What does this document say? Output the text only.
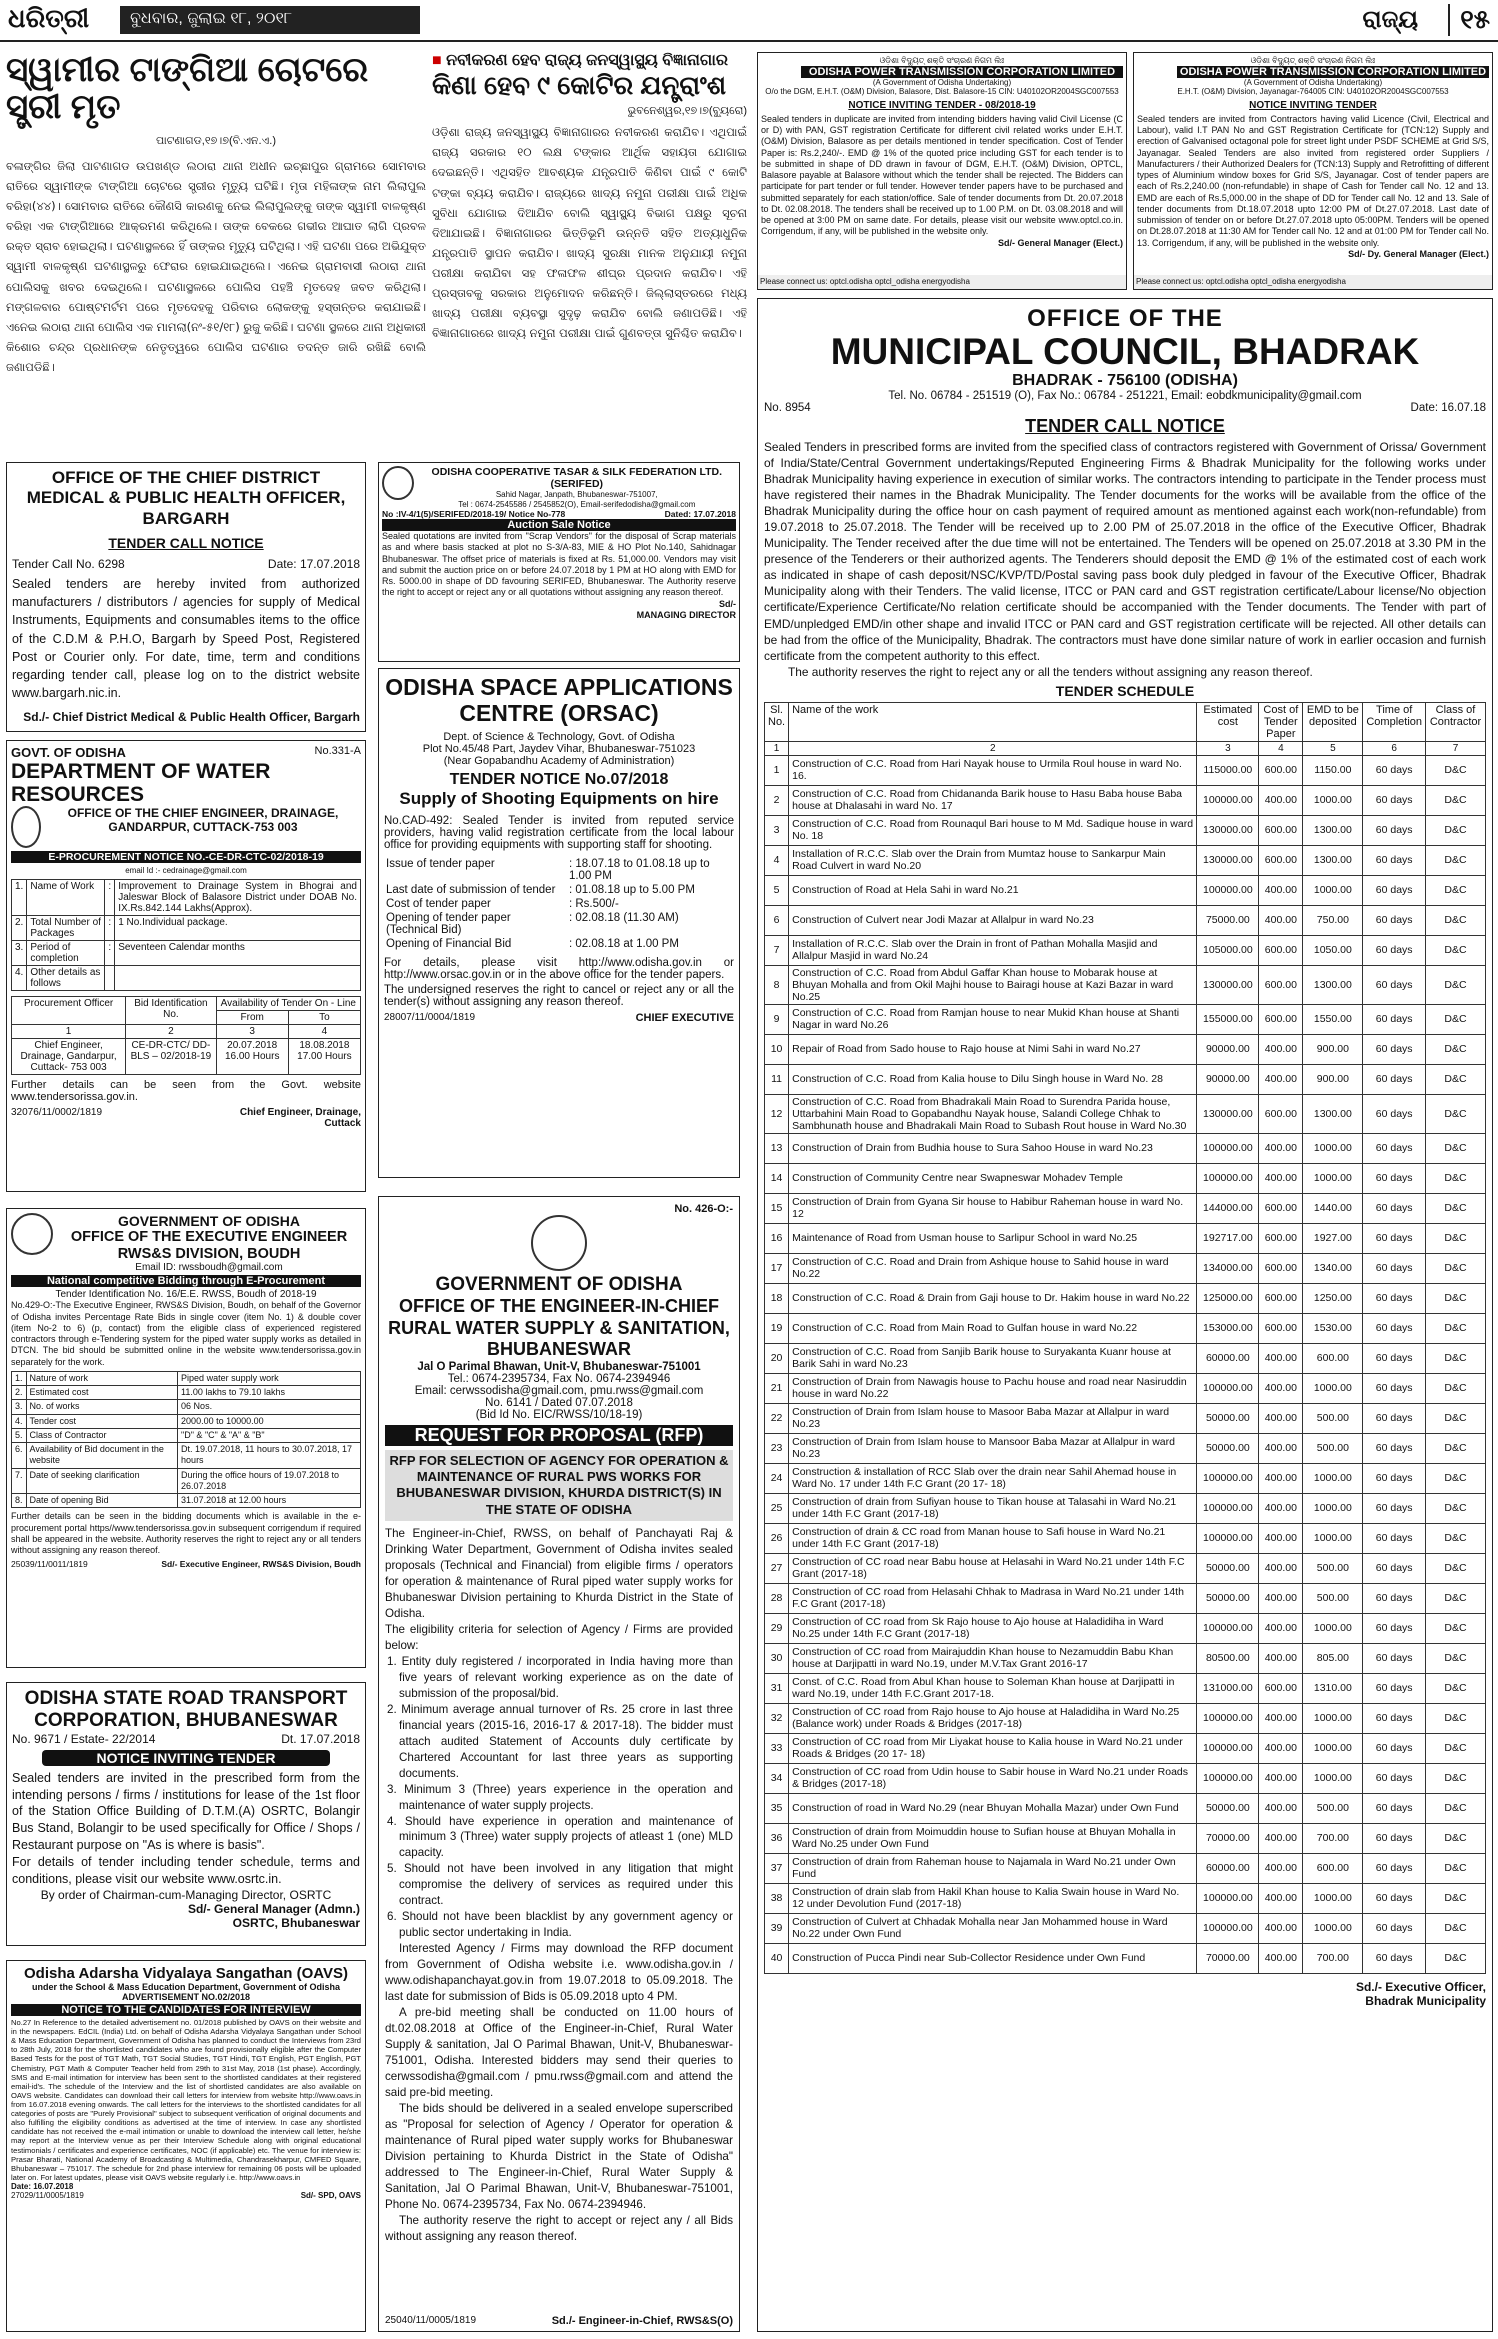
ଧରିତ୍ରୀ	ବୁଧବାର, ଜୁଲାଇ ୧୮, ୨୦୧୮	ରାଜ୍ୟ	୧୫
ସ୍ୱାମୀର ଟାଙ୍ଗିଆ ଚୋଟରେ ସ୍ତ୍ରୀ ମୃତ
ପାଟଣାଗଡ,୧୭।୭(ବି.ଏନ.ଏ.)
ବଳାଙ୍ଗିର ଜିଲା ପାଟଣାଗଡ ଉପଖଣ୍ଡ ଲଠାରା ଥାନା ଅଧୀନ ଇଚ୍ଛାପୁର ଗ୍ରାମରେ ସୋମବାର ରାତିରେ ସ୍ୱାମୀଙ୍କ ଟାଙ୍ଗିଆ ଚୋଟରେ ସ୍ତ୍ରୀର ମୃତ୍ୟୁ ଘଟିଛି। ମୃତା ମହିଳାଙ୍କ ନାମ ଲିଲାପୁଲ ବରିହା(୪୪)। ସୋମବାର ରାତିରେ କୌଣସି କାରଣକୁ ନେଇ ଲିଲାପୁଲଙ୍କୁ ତାଙ୍କ ସ୍ୱାମୀ ବାଳକୃଷ୍ଣ ବରିହା ଏକ ଟାଙ୍ଗିଆରେ ଆକ୍ରମଣ କରିଥିଲେ। ତାଙ୍କ ବେକରେ ଗଭୀର ଆଘାତ ଲାଗି ପ୍ରବଳ ରକ୍ତ ସ୍ରାବ ହୋଇଥିଲା। ଘଟଣାସ୍ଥଳରେ ହିଁ ତାଙ୍କର ମୃତ୍ୟୁ ଘଟିଥିଲା। ଏହି ଘଟଣା ପରେ ଅଭିଯୁକ୍ତ ସ୍ୱାମୀ ବାଳକୃଷ୍ଣ ଘଟଣାସ୍ଥଳରୁ ଫେରାର ହୋଇଯାଇଥିଲେ। ଏନେଇ ଗ୍ରାମବାସୀ ଲଠାରା ଥାନା ପୋଲିସକୁ ଖବର ଦେଇଥିଲେ। ଘଟଣାସ୍ଥଳରେ ପୋଲିସ ପହଞ୍ଚି ମୃତଦେହ ଜବତ କରିଥିଲା। ମଙ୍ଗଳବାର ପୋଷ୍ଟମର୍ଟମ ପରେ ମୃତଦେହକୁ ପରିବାର ଲୋକଙ୍କୁ ହସ୍ତାନ୍ତର କରାଯାଇଛି। ଏନେଇ ଲଠାରା ଥାନା ପୋଲିସ ଏକ ମାମଲା(ନଂ-୫୧/୧୮) ରୁଜୁ କରିଛି। ଘଟଣା ସ୍ଥଳରେ ଥାନା ଅଧିକାରୀ କିଶୋର ଚନ୍ଦ୍ର ପ୍ରଧାନଙ୍କ ନେତୃତ୍ୱରେ ପୋଲିସ ଘଟଣାର ତଦନ୍ତ ଜାରି ରଖିଛି ବୋଲି ଜଣାପଡିଛି।
■ ନବୀକରଣ ହେବ ରାଜ୍ୟ ଜନସ୍ୱାସ୍ଥ୍ୟ ବିଜ୍ଞାନାଗାର
କିଣା ହେବ ୯ କୋଟିର ଯନ୍ତ୍ରାଂଶ
ଭୁବନେଶ୍ୱର,୧୭।୭(ବ୍ୟୁରୋ)
ଓଡ଼ିଶା ରାଜ୍ୟ ଜନସ୍ୱାସ୍ଥ୍ୟ ବିଜ୍ଞାନାଗାରର ନବୀକରଣ କରାଯିବ। ଏଥିପାଇଁ ରାଜ୍ୟ ସରକାର ୧୦ ଲକ୍ଷ ଟଙ୍କାର ଆର୍ଥିକ ସହାୟତା ଯୋଗାଇ ଦେଇଛନ୍ତି। ଏଥିସହିତ ଆବଶ୍ୟକ ଯନ୍ତ୍ରପାତି କିଣିବା ପାଇଁ ୯ କୋଟି ଟଙ୍କା ବ୍ୟୟ କରାଯିବ। ରାଜ୍ୟରେ ଖାଦ୍ୟ ନମୁନା ପରୀକ୍ଷା ପାଇଁ ଅଧିକ ସୁବିଧା ଯୋଗାଇ ଦିଆଯିବ ବୋଲି ସ୍ୱାସ୍ଥ୍ୟ ବିଭାଗ ପକ୍ଷରୁ ସୂଚନା ଦିଆଯାଇଛି। ବିଜ୍ଞାନାଗାରର ଭିତ୍ତିଭୂମି ଉନ୍ନତି ସହିତ ଅତ୍ୟାଧୁନିକ ଯନ୍ତ୍ରପାତି ସ୍ଥାପନ କରାଯିବ। ଖାଦ୍ୟ ସୁରକ୍ଷା ମାନକ ଅନୁଯାୟୀ ନମୁନା ପରୀକ୍ଷା କରାଯିବା ସହ ଫଳାଫଳ ଶୀଘ୍ର ପ୍ରଦାନ କରାଯିବ। ଏହି ପ୍ରସ୍ତାବକୁ ସରକାର ଅନୁମୋଦନ କରିଛନ୍ତି। ଜିଲ୍ଲାସ୍ତରରେ ମଧ୍ୟ ଖାଦ୍ୟ ପରୀକ୍ଷା ବ୍ୟବସ୍ଥା ସୁଦୃଢ଼ କରାଯିବ ବୋଲି ଜଣାପଡିଛି। ଏହି ବିଜ୍ଞାନାଗାରରେ ଖାଦ୍ୟ ନମୁନା ପରୀକ୍ଷା ପାଇଁ ଗୁଣବତ୍ତା ସୁନିଶ୍ଚିତ କରାଯିବ।
ଓଡ଼ିଶା ବିଦ୍ୟୁତ୍ ଶକ୍ତି ସଂଚାରଣ ନିଗମ ଲିଃ
ODISHA POWER TRANSMISSION CORPORATION LIMITED
(A Government of Odisha Undertaking)
O/o the DGM, E.H.T. (O&M) Division, Balasore, Dist. Balasore-15 CIN: U40102OR2004SGC007553
NOTICE INVITING TENDER - 08/2018-19
Sealed tenders in duplicate are invited from intending bidders having valid Civil License (C or D) with PAN, GST registration Certificate for different civil related works under E.H.T. (O&M) Division, Balasore as per details mentioned in tender specification. Cost of Tender Paper is: Rs.2,240/-. EMD @ 1% of the quoted price including GST for each tender is to be submitted in shape of DD drawn in favour of DGM, E.H.T. (O&M) Division, OPTCL, Balasore payable at Balasore without which the tender shall be rejected. The Bidders can participate for part tender or full tender. However tender papers have to be purchased and submitted separately for each station/office. Sale of tender documents from Dt. 20.07.2018 to Dt. 02.08.2018. The tenders shall be received up to 1.00 P.M. on Dt. 03.08.2018 and will be opened at 3:00 PM on same date. For details, please visit our website www.optcl.co.in. Corrigendum, if any, will be published in the website only.
Sd/- General Manager (Elect.)
Please connect us: optcl.odisha optcl_odisha energyodisha
ଓଡ଼ିଶା ବିଦ୍ୟୁତ୍ ଶକ୍ତି ସଂଚାରଣ ନିଗମ ଲିଃ
ODISHA POWER TRANSMISSION CORPORATION LIMITED
(A Government of Odisha Undertaking)
E.H.T. (O&M) Division, Jayanagar-764005 CIN: U40102OR2004SGC007553
NOTICE INVITING TENDER
Sealed tenders are invited from Contractors having valid Licence (Civil, Electrical and Labour), valid I.T PAN No and GST Registration Certificate for (TCN:12) Supply and erection of Galvanised octagonal pole for street light under PSDF SCHEME at Grid S/S, Jayanagar. Sealed Tenders are also invited from registered order Suppliers / Manufacturers / their Authorized Dealers for (TCN:13) Supply and Retrofitting of different types of Aluminium window boxes for Grid S/S, Jayanagar. Cost of tender papers are each of Rs.2,240.00 (non-refundable) in shape of Cash for Tender call No. 12 and 13. EMD are each of Rs.5,000.00 in the shape of DD for Tender call No. 12 and 13. Sale of tender documents from Dt.18.07.2018 upto 12:00 PM of Dt.27.07.2018. Last date of submission of tender on or before Dt.27.07.2018 upto 05:00PM. Tenders will be opened on Dt.28.07.2018 at 11:30 AM for Tender call No. 12 and at 01:00 PM for Tender call No. 13. Corrigendum, if any, will be published in the website only.
Sd/- Dy. General Manager (Elect.)
Please connect us: optcl.odisha optcl_odisha energyodisha
OFFICE OF THE CHIEF DISTRICT MEDICAL & PUBLIC HEALTH OFFICER, BARGARH
TENDER CALL NOTICE
Tender Call No. 6298	Date: 17.07.2018
Sealed tenders are hereby invited from authorized manufacturers / distributors / agencies for supply of Medical Instruments, Equipments and consumables items to the office of the C.D.M & P.H.O, Bargarh by Speed Post, Registered Post or Courier only. For date, time, term and conditions regarding tender call, please log on to the district website www.bargarh.nic.in.
Sd./- Chief District Medical & Public Health Officer, Bargarh
GOVT. OF ODISHA	No.331-A
DEPARTMENT OF WATER RESOURCES
OFFICE OF THE CHIEF ENGINEER, DRAINAGE, GANDARPUR, CUTTACK-753 003
E-PROCUREMENT NOTICE NO.-CE-DR-CTC-02/2018-19
email Id :- cedrainage@gmail.com
1.	Name of Work	:	Improvement to Drainage System in Bhograi and Jaleswar Block of Balasore District under DOAB No. IX.Rs.842.144 Lakhs(Approx).
2.	Total Number of Packages	:	1 No.Individual package.
3.	Period of completion	:	Seventeen Calendar months
4.	Other details as follows		
Procurement Officer	Bid Identification No.	Availability of Tender On - Line	
		From	To
1	2	3	4
Chief Engineer, Drainage, Gandarpur, Cuttack- 753 003	CE-DR-CTC/ DD-BLS – 02/2018-19	20.07.2018 16.00 Hours	18.08.2018 17.00 Hours
Further details can be seen from the Govt. website www.tendersorissa.gov.in.
32076/11/0002/1819	Chief Engineer, Drainage, Cuttack
ODISHA COOPERATIVE TASAR & SILK FEDERATION LTD. (SERIFED)
Sahid Nagar, Janpath, Bhubaneswar-751007,
Tel : 0674-2545586 / 2545852(O), Email-serifedodisha@gmail.com
No :IV-4/1(5)/SERIFED/2018-19/ Notice No-778	Dated: 17.07.2018
Auction Sale Notice
Sealed quotations are invited from "Scrap Vendors" for the disposal of Scrap materials as and where basis stacked at plot no S-3/A-83, MIE & HO Plot No.140, Sahidnagar Bhubaneswar. The offset price of materials is fixed at Rs. 51,000.00. Vendors may visit and submit the auction price on or before 24.07.2018 by 1 PM at HO along with EMD for Rs. 5000.00 in shape of DD favouring SERIFED, Bhubaneswar. The Authority reserve the right to accept or reject any or all quotations without assigning any reason thereof.
Sd/-
MANAGING DIRECTOR
ODISHA SPACE APPLICATIONS CENTRE (ORSAC)
Dept. of Science & Technology, Govt. of Odisha
Plot No.45/48 Part, Jaydev Vihar, Bhubaneswar-751023
(Near Gopabandhu Academy of Administration)
TENDER NOTICE No.07/2018
Supply of Shooting Equipments on hire
No.CAD-492: Sealed Tender is invited from reputed service providers, having valid registration certificate from the local labour office for providing equipments with supporting staff for shooting.
Issue of tender paper	: 18.07.18 to 01.08.18 up to 1.00 PM
Last date of submission of tender	: 01.08.18 up to 5.00 PM
Cost of tender paper	: Rs.500/-
Opening of tender paper (Technical Bid)	: 02.08.18 (11.30 AM)
Opening of Financial Bid	: 02.08.18 at 1.00 PM
For details, please visit http://www.odisha.gov.in or http://www.orsac.gov.in or in the above office for the tender papers.
The undersigned reserves the right to cancel or reject any or all the tender(s) without assigning any reason thereof.
28007/11/0004/1819	CHIEF EXECUTIVE
GOVERNMENT OF ODISHA
OFFICE OF THE EXECUTIVE ENGINEER RWS&S DIVISION, BOUDH
Email ID: rwssboudh@gmail.com
National competitive Bidding through E-Procurement
Tender Identification No. 16/E.E. RWSS, Boudh of 2018-19
No.429-O:-The Executive Engineer, RWS&S Division, Boudh, on behalf of the Governor of Odisha invites Percentage Rate Bids in single cover (item No. 1) & double cover (item No-2 to 6) (p, contact) from the eligible class of experienced registered contractors through e-Tendering system for the piped water supply works as detailed in DTCN. The bid should be submitted online in the website www.tendersorissa.gov.in separately for the work.
1.	Nature of work	Piped water supply work
2.	Estimated cost	11.00 lakhs to 79.10 lakhs
3.	No. of works	06 Nos.
4.	Tender cost	2000.00 to 10000.00
5.	Class of Contractor	"D" & "C" & "A" & "B"
6.	Availability of Bid document in the website	Dt. 19.07.2018, 11 hours to 30.07.2018, 17 hours
7.	Date of seeking clarification	During the office hours of 19.07.2018 to 26.07.2018
8.	Date of opening Bid	31.07.2018 at 12.00 hours
Further details can be seen in the bidding documents which is available in the e-procurement portal https//www.tendersorissa.gov.in subsequent corrigendum if required shall be appeared in the website. Authority reserves the right to reject any or all tenders without assigning any reason thereof.
25039/11/0011/1819	Sd/- Executive Engineer, RWS&S Division, Boudh
ODISHA STATE ROAD TRANSPORT CORPORATION, BHUBANESWAR
No. 9671 / Estate- 22/2014	Dt. 17.07.2018
NOTICE INVITING TENDER
Sealed tenders are invited in the prescribed form from the intending persons / firms / institutions for lease of the 1st floor of the Station Office Building of D.T.M.(A) OSRTC, Bolangir Bus Stand, Bolangir to be used specifically for Office / Shops / Restaurant purpose on "As is where is basis".
For details of tender including tender schedule, terms and conditions, please visit our website www.osrtc.in.
By order of Chairman-cum-Managing Director, OSRTC
Sd/- General Manager (Admn.)
OSRTC, Bhubaneswar
Odisha Adarsha Vidyalaya Sangathan (OAVS)
under the School & Mass Education Department, Government of Odisha
ADVERTISEMENT NO.02/2018
NOTICE TO THE CANDIDATES FOR INTERVIEW
No.27 In Reference to the detailed advertisement no. 01/2018 published by OAVS on their website and in the newspapers. EdCIL (India) Ltd. on behalf of Odisha Adarsha Vidyalaya Sangathan under School & Mass Education Department, Government of Odisha has planned to conduct the Interviews from 23rd to 28th July, 2018 for the shortlisted candidates who are found provisionally eligible after the Computer Based Tests for the post of TGT Math, TGT Social Studies, TGT Hindi, TGT English, PGT English, PGT Chemistry, PGT Math & Computer Teacher held from 29th to 31st May, 2018 (1st phase). Accordingly, SMS and E-mail intimation for interview has been sent to the shortlisted candidates at their registered email-id's. The schedule of the Interview and the list of shortlisted candidates are also available on OAVS website. Candidates can download their call letters for interview from website http://www.oavs.in from 16.07.2018 evening onwards. The call letters for the interviews to the shortlisted candidates for all categories of posts are "Purely Provisional" subject to subsequent verification of original documents and also fulfilling the eligibility conditions as advertised at the time of interview. In case any shortlisted candidate has not received the e-mail intimation or unable to download the interview call letter, he/she may report at the Interview venue as per their Interview Schedule along with original educational testimonials / certificates and experience certificates, NOC (if applicable) etc. The venue for interview is: Prasar Bharati, National Academy of Broadcasting & Multimedia, Chandrasekharpur, CMFED Square, Bhubaneswar – 751017. The schedule for 2nd phase interview for remaining 06 posts will be uploaded later on. For latest updates, please visit OAVS website regularly i.e. http://www.oavs.in
Date: 16.07.2018
27029/11/0005/1819	Sd/- SPD, OAVS
No. 426-O:-
GOVERNMENT OF ODISHA
OFFICE OF THE ENGINEER-IN-CHIEF RURAL WATER SUPPLY & SANITATION, BHUBANESWAR
Jal O Parimal Bhawan, Unit-V, Bhubaneswar-751001
Tel.: 0674-2395734, Fax No. 0674-2394946
Email: cerwssodisha@gmail.com, pmu.rwss@gmail.com
No. 6141 / Dated 07.07.2018
(Bid Id No. EIC/RWSS/10/18-19)
REQUEST FOR PROPOSAL (RFP)
RFP FOR SELECTION OF AGENCY FOR OPERATION & MAINTENANCE OF RURAL PWS WORKS FOR BHUBANESWAR DIVISION, KHURDA DISTRICT(S) IN THE STATE OF ODISHA
The Engineer-in-Chief, RWSS, on behalf of Panchayati Raj & Drinking Water Department, Government of Odisha invites sealed proposals (Technical and Financial) from eligible firms / operators for operation & maintenance of Rural piped water supply works for Bhubaneswar Division pertaining to Khurda District in the State of Odisha.
The eligibility criteria for selection of Agency / Firms are provided below:
1. Entity duly registered / incorporated in India having more than five years of relevant working experience as on the date of submission of the proposal/bid.
2. Minimum average annual turnover of Rs. 25 crore in last three financial years (2015-16, 2016-17 & 2017-18). The bidder must attach audited Statement of Accounts duly certificate by Chartered Accountant for last three years as supporting documents.
3. Minimum 3 (Three) years experience in the operation and maintenance of water supply projects.
4. Should have experience in operation and maintenance of minimum 3 (Three) water supply projects of atleast 1 (one) MLD capacity.
5. Should not have been involved in any litigation that might compromise the delivery of services as required under this contract.
6. Should not have been blacklist by any government agency or public sector undertaking in India.
Interested Agency / Firms may download the RFP document from Government of Odisha website i.e. www.odisha.gov.in / www.odishapanchayat.gov.in from 19.07.2018 to 05.09.2018. The last date for submission of Bids is 05.09.2018 upto 4 PM.
A pre-bid meeting shall be conducted on 11.00 hours of dt.02.08.2018 at Office of the Engineer-in-Chief, Rural Water Supply & sanitation, Jal O Parimal Bhawan, Unit-V, Bhubaneswar-751001, Odisha. Interested bidders may send their queries to cerwssodisha@gmail.com / pmu.rwss@gmail.com and attend the said pre-bid meeting.
The bids should be delivered in a sealed envelope superscribed as "Proposal for selection of Agency / Operator for operation & maintenance of Rural piped water supply works for Bhubaneswar Division pertaining to Khurda District in the State of Odisha" addressed to The Engineer-in-Chief, Rural Water Supply & Sanitation, Jal O Parimal Bhawan, Unit-V, Bhubaneswar-751001, Phone No. 0674-2395734, Fax No. 0674-2394946.
The authority reserve the right to accept or reject any / all Bids without assigning any reason thereof.
25040/11/0005/1819	Sd./- Engineer-in-Chief, RWS&S(O)
OFFICE OF THE
MUNICIPAL COUNCIL, BHADRAK
BHADRAK - 756100 (ODISHA)
Tel. No. 06784 - 251519 (O), Fax No.: 06784 - 251221, Email: eobdkmunicipality@gmail.com
No. 8954	Date: 16.07.18
TENDER CALL NOTICE
Sealed Tenders in prescribed forms are invited from the specified class of contractors registered with Government of Orissa/ Government of India/State/Central Government undertakings/Reputed Engineering Firms & Bhadrak Municipality for the following works under Bhadrak Municipality having experience in execution of similar works. The contractors intending to participate in the Tender process must have registered their names in the Bhadrak Municipality. The Tender documents for the works will be available from the office of the Bhadrak Municipality during the office hour on cash payment of required amount as mentioned against each work(non-refundable) from 19.07.2018 to 25.07.2018. The Tender will be received up to 2.00 PM of 25.07.2018 in the office of the Executive Officer, Bhadrak Municipality. The Tender received after the due time will not be entertained. The Tenders will be opened on 25.07.2018 at 3.30 PM in the presence of the Tenderers or their authorized agents. The Tenderers should deposit the EMD @ 1% of the estimated cost of each work as indicated in shape of cash deposit/NSC/KVP/TD/Postal saving pass book duly pledged in favour of the Executive Officer, Bhadrak Municipality along with their Tenders. The valid license, ITCC or PAN card and GST registration certificate/Labour license/No objection certificate/Experience Certificate/No relation certificate should be accompanied with the Tender documents. The Tender with part of EMD/unpledged EMD/in other shape and invalid ITCC or PAN card and GST registration certificate will be rejected. All other details can be had from the office of the Municipality, Bhadrak. The contractors must have done similar nature of work in earlier occasion and furnish certificate from the competent authority to this effect.
The authority reserves the right to reject any or all the tenders without assigning any reason thereof.
TENDER SCHEDULE
Sl. No.	Name of the work	Estimated cost	Cost of Tender Paper	EMD to be deposited	Time of Completion	Class of Contractor
1	2	3	4	5	6	7
1	Construction of C.C. Road from Hari Nayak house to Urmila Roul house in ward No. 16.	115000.00	600.00	1150.00	60 days	D&C
2	Construction of C.C. Road from Chidananda Barik house to Hasu Baba house Baba house at Dhalasahi in ward No. 17	100000.00	400.00	1000.00	60 days	D&C
3	Construction of C.C. Road from Rounaqul Bari house to M Md. Sadique house in ward No. 18	130000.00	600.00	1300.00	60 days	D&C
4	Installation of R.C.C. Slab over the Drain from Mumtaz house to Sankarpur Main Road Culvert in ward No.20	130000.00	600.00	1300.00	60 days	D&C
5	Construction of Road at Hela Sahi in ward No.21	100000.00	400.00	1000.00	60 days	D&C
6	Construction of Culvert near Jodi Mazar at Allalpur in ward No.23	75000.00	400.00	750.00	60 days	D&C
7	Installation of R.C.C. Slab over the Drain in front of Pathan Mohalla Masjid and Allalpur Masjid in ward No.24	105000.00	600.00	1050.00	60 days	D&C
8	Construction of C.C. Road from Abdul Gaffar Khan house to Mobarak house at Bhuyan Mohalla and from Okil Majhi house to Bairagi house at Kazi Bazar in ward No.25	130000.00	600.00	1300.00	60 days	D&C
9	Construction of C.C. Road from Ramjan house to near Mukid Khan house at Shanti Nagar in ward No.26	155000.00	600.00	1550.00	60 days	D&C
10	Repair of Road from Sado house to Rajo house at Nimi Sahi in ward No.27	90000.00	400.00	900.00	60 days	D&C
11	Construction of C.C. Road from Kalia house to Dilu Singh house in Ward No. 28	90000.00	400.00	900.00	60 days	D&C
12	Construction of C.C. Road from Bhadrakali Main Road to Surendra Parida house, Uttarbahini Main Road to Gopabandhu Nayak house, Salandi College Chhak to Sambhunath house and Bhadrakali Main Road to Subash Rout house in Ward No.30	130000.00	600.00	1300.00	60 days	D&C
13	Construction of Drain from Budhia house to Sura Sahoo House in ward No.23	100000.00	400.00	1000.00	60 days	D&C
14	Construction of Community Centre near Swapneswar Mohadev Temple	100000.00	400.00	1000.00	60 days	D&C
15	Construction of Drain from Gyana Sir house to Habibur Raheman house in ward No. 12	144000.00	600.00	1440.00	60 days	D&C
16	Maintenance of Road from Usman house to Sarlipur School in ward No.25	192717.00	600.00	1927.00	60 days	D&C
17	Construction of C.C. Road and Drain from Ashique house to Sahid house in ward No.22	134000.00	600.00	1340.00	60 days	D&C
18	Construction of C.C. Road & Drain from Gaji house to Dr. Hakim house in ward No.22	125000.00	600.00	1250.00	60 days	D&C
19	Construction of C.C. Road from Main Road to Gulfan house in ward No.22	153000.00	600.00	1530.00	60 days	D&C
20	Construction of C.C. Road from Sanjib Barik house to Suryakanta Kuanr house at Barik Sahi in ward No.23	60000.00	400.00	600.00	60 days	D&C
21	Construction of Drain from Nawagis house to Pachu house and road near Nasiruddin house in ward No.22	100000.00	400.00	1000.00	60 days	D&C
22	Construction of Drain from Islam house to Masoor Baba Mazar at Allalpur in ward No.23	50000.00	400.00	500.00	60 days	D&C
23	Construction of Drain from Islam house to Mansoor Baba Mazar at Allalpur in ward No.23	50000.00	400.00	500.00	60 days	D&C
24	Construction & installation of RCC Slab over the drain near Sahil Ahemad house in Ward No. 17 under 14th F.C Grant (20 17- 18)	100000.00	400.00	1000.00	60 days	D&C
25	Construction of drain from Sufiyan house to Tikan house at Talasahi in Ward No.21 under 14th F.C Grant (2017-18)	100000.00	400.00	1000.00	60 days	D&C
26	Construction of drain & CC road from Manan house to Safi house in Ward No.21 under 14th F.C Grant (2017-18)	100000.00	400.00	1000.00	60 days	D&C
27	Construction of CC road near Babu house at Helasahi in Ward No.21 under 14th F.C Grant (2017-18)	50000.00	400.00	500.00	60 days	D&C
28	Construction of CC road from Helasahi Chhak to Madrasa in Ward No.21 under 14th F.C Grant (2017-18)	50000.00	400.00	500.00	60 days	D&C
29	Construction of CC road from Sk Rajo house to Ajo house at Haladidiha in Ward No.25 under 14th F.C Grant (2017-18)	100000.00	400.00	1000.00	60 days	D&C
30	Construction of CC road from Mairajuddin Khan house to Nezamuddin Babu Khan house at Darjipatti in ward No.19, under M.V.Tax Grant 2016-17	80500.00	400.00	805.00	60 days	D&C
31	Const. of C.C. Road from Abul Khan house to Soleman Khan house at Darjipatti in ward No.19, under 14th F.C.Grant 2017-18.	131000.00	600.00	1310.00	60 days	D&C
32	Construction of CC road from Rajo house to Ajo house at Haladidiha in Ward No.25 (Balance work) under Roads & Bridges (2017-18)	100000.00	400.00	1000.00	60 days	D&C
33	Construction of CC road from Mir Liyakat house to Kalia house in Ward No.21 under Roads & Bridges (20 17- 18)	100000.00	400.00	1000.00	60 days	D&C
34	Construction of CC road from Udin house to Sabir house in Ward No.21 under Roads & Bridges (2017-18)	100000.00	400.00	1000.00	60 days	D&C
35	Construction of road in Ward No.29 (near Bhuyan Mohalla Mazar) under Own Fund	50000.00	400.00	500.00	60 days	D&C
36	Construction of drain from Moimuddin house to Sufian house at Bhuyan Mohalla in Ward No.25 under Own Fund	70000.00	400.00	700.00	60 days	D&C
37	Construction of drain from Raheman house to Najamala in Ward No.21 under Own Fund	60000.00	400.00	600.00	60 days	D&C
38	Construction of drain slab from Hakil Khan house to Kalia Swain house in Ward No. 12 under Devolution Fund (2017-18)	100000.00	400.00	1000.00	60 days	D&C
39	Construction of Culvert at Chhadak Mohalla near Jan Mohammed house in Ward No.22 under Own Fund	100000.00	400.00	1000.00	60 days	D&C
40	Construction of Pucca Pindi near Sub-Collector Residence under Own Fund	70000.00	400.00	700.00	60 days	D&C
Sd./- Executive Officer,
Bhadrak Municipality
